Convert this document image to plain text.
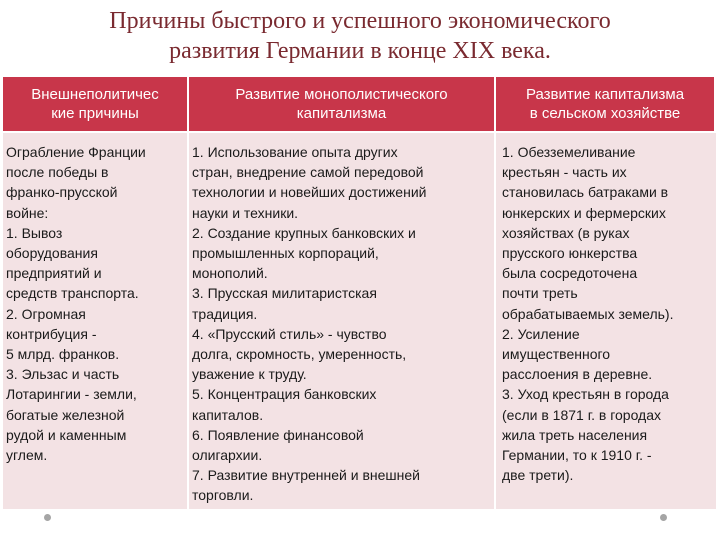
Причины быстрого и успешного экономического
развития Германии в конце XIX века.
Внешнеполитичес
кие причины
Развитие монополистического
капитализма
Развитие капитализма
в сельском хозяйстве
Ограбление Франции
после победы в
франко-прусской
войне:
1. Вывоз
оборудования
предприятий и
средств транспорта.
2. Огромная
контрибуция -
5 млрд. франков.
3. Эльзас и часть
Лотарингии - земли,
богатые железной
рудой и каменным
углем.
1. Использование опыта других
стран, внедрение самой передовой
технологии и новейших достижений
науки и техники.
2. Создание крупных банковских и
промышленных корпораций,
монополий.
3. Прусская милитаристская
традиция.
4. «Прусский стиль» - чувство
долга, скромность, умеренность,
уважение к труду.
5. Концентрация банковских
капиталов.
6. Появление финансовой
олигархии.
7. Развитие внутренней и внешней
торговли.
1. Обезземеливание
крестьян - часть их
становилась батраками в
юнкерских и фермерских
хозяйствах (в руках
прусского юнкерства
была сосредоточена
почти треть
обрабатываемых земель).
2. Усиление
имущественного
расслоения в деревне.
3. Уход крестьян в города
(если в 1871 г. в городах
жила треть населения
Германии, то к 1910 г. -
две трети).
